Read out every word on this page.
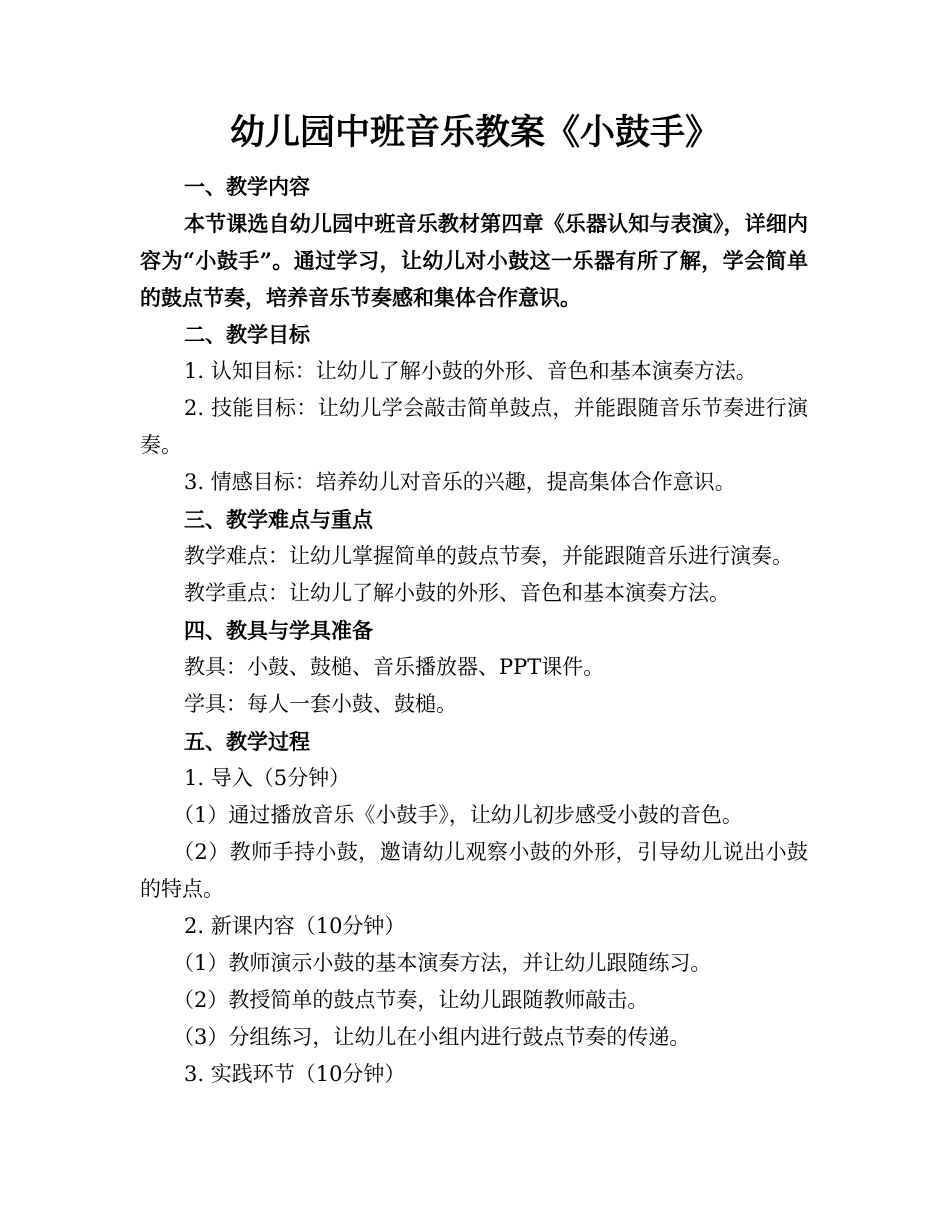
幼儿园中班音乐教案《小鼓手》

一、教学内容

本节课选自幼儿园中班音乐教材第四章《乐器认知与表演》，详细内容为“小鼓手”。通过学习，让幼儿对小鼓这一乐器有所了解，学会简单的鼓点节奏，培养音乐节奏感和集体合作意识。

二、教学目标

1. 认知目标：让幼儿了解小鼓的外形、音色和基本演奏方法。

2. 技能目标：让幼儿学会敲击简单鼓点，并能跟随音乐节奏进行演奏。

3. 情感目标：培养幼儿对音乐的兴趣，提高集体合作意识。

三、教学难点与重点

教学难点：让幼儿掌握简单的鼓点节奏，并能跟随音乐进行演奏。

教学重点：让幼儿了解小鼓的外形、音色和基本演奏方法。

四、教具与学具准备

教具：小鼓、鼓槌、音乐播放器、PPT课件。

学具：每人一套小鼓、鼓槌。

五、教学过程

1. 导入（5分钟）

（1）通过播放音乐《小鼓手》，让幼儿初步感受小鼓的音色。

（2）教师手持小鼓，邀请幼儿观察小鼓的外形，引导幼儿说出小鼓的特点。

2. 新课内容（10分钟）

（1）教师演示小鼓的基本演奏方法，并让幼儿跟随练习。

（2）教授简单的鼓点节奏，让幼儿跟随教师敲击。

（3）分组练习，让幼儿在小组内进行鼓点节奏的传递。

3. 实践环节（10分钟）
